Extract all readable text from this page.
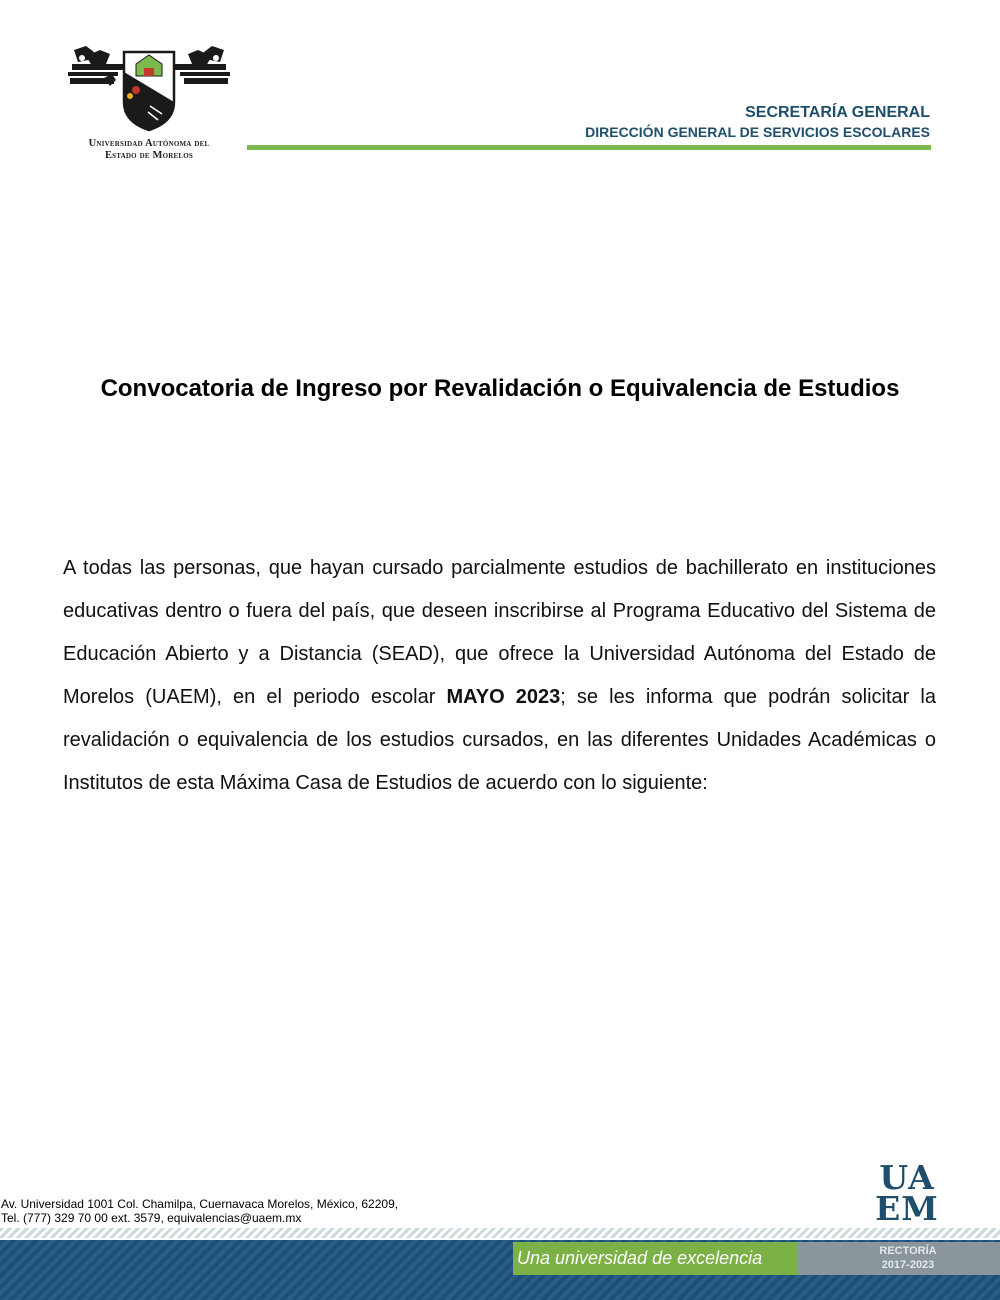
Universidad Autónoma del
Estado de Morelos
SECRETARÍA GENERAL
DIRECCIÓN GENERAL DE SERVICIOS ESCOLARES
Convocatoria de Ingreso por Revalidación o Equivalencia de Estudios
A todas las personas, que hayan cursado parcialmente estudios de bachillerato en instituciones educativas dentro o fuera del país, que deseen inscribirse al Programa Educativo del Sistema de Educación Abierto y a Distancia (SEAD), que ofrece la Universidad Autónoma del Estado de Morelos (UAEM), en el periodo escolar MAYO 2023; se les informa que podrán solicitar la revalidación o equivalencia de los estudios cursados, en las diferentes Unidades Académicas o Institutos de esta Máxima Casa de Estudios de acuerdo con lo siguiente:
Av. Universidad 1001 Col. Chamilpa, Cuernavaca Morelos, México, 62209,
Tel. (777) 329 70 00 ext. 3579, equivalencias@uaem.mx
UA
EM
Una universidad de excelencia	RECTORÍA
2017-2023
